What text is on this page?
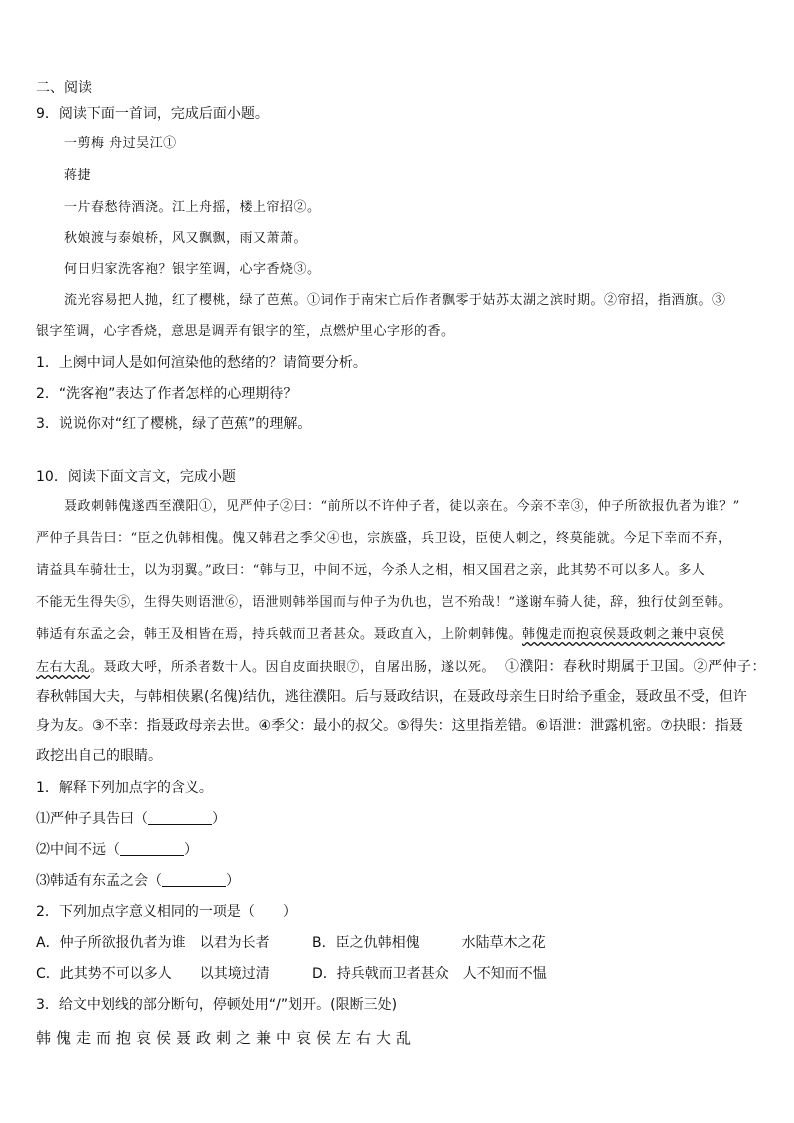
二、阅读
9．阅读下面一首词，完成后面小题。
一剪梅 舟过吴江①
蒋捷
一片春愁待酒浇。江上舟摇，楼上帘招②。
秋娘渡与泰娘桥，风又飘飘，雨又萧萧。
何日归家洗客袍？银字笙调，心字香烧③。
流光容易把人抛，红了樱桃，绿了芭蕉。①词作于南宋亡后作者飘零于姑苏太湖之滨时期。②帘招，指酒旗。③
银字笙调，心字香烧，意思是调弄有银字的笙，点燃炉里心字形的香。
1．上阕中词人是如何渲染他的愁绪的？请简要分析。
2．“洗客袍”表达了作者怎样的心理期待？
3．说说你对“红了樱桃，绿了芭蕉”的理解。
10．阅读下面文言文，完成小题
聂政刺韩傀遂西至濮阳①，见严仲子②曰：“前所以不许仲子者，徒以亲在。今亲不幸③，仲子所欲报仇者为谁？”
严仲子具告曰：“臣之仇韩相傀。傀又韩君之季父④也，宗族盛，兵卫设，臣使人刺之，终莫能就。今足下幸而不弃，
请益具车骑壮士，以为羽翼。”政曰：“韩与卫，中间不远，今杀人之相，相又国君之亲，此其势不可以多人。多人
不能无生得失⑤，生得失则语泄⑥，语泄则韩举国而与仲子为仇也，岂不殆哉！”遂谢车骑人徒，辞，独行仗剑至韩。
韩适有东孟之会，韩王及相皆在焉，持兵戟而卫者甚众。聂政直入，上阶刺韩傀。韩傀走而抱哀侯聂政刺之兼中哀侯
左右大乱。聂政大呼，所杀者数十人。因自皮面抉眼⑦，自屠出肠，遂以死。 ①濮阳：春秋时期属于卫国。②严仲子：
春秋韩国大夫，与韩相侠累(名傀)结仇，逃往濮阳。后与聂政结识，在聂政母亲生日时给予重金，聂政虽不受，但许
身为友。③不幸：指聂政母亲去世。④季父：最小的叔父。⑤得失：这里指差错。⑥语泄：泄露机密。⑦抉眼：指聂
政挖出自己的眼睛。
1．解释下列加点字的含义。
⑴严仲子具告曰（	）
⑵中间不远（	）
⑶韩适有东孟之会（	）
2．下列加点字意义相同的一项是（　　）
A．仲子所欲报仇者为谁　以君为长者	B．臣之仇韩相傀　　　水陆草木之花
C．此其势不可以多人　　以其境过清	D．持兵戟而卫者甚众　人不知而不愠
3．给文中划线的部分断句，停顿处用“/”划开。(限断三处)
韩傀走而抱哀侯聂政刺之兼中哀侯左右大乱
